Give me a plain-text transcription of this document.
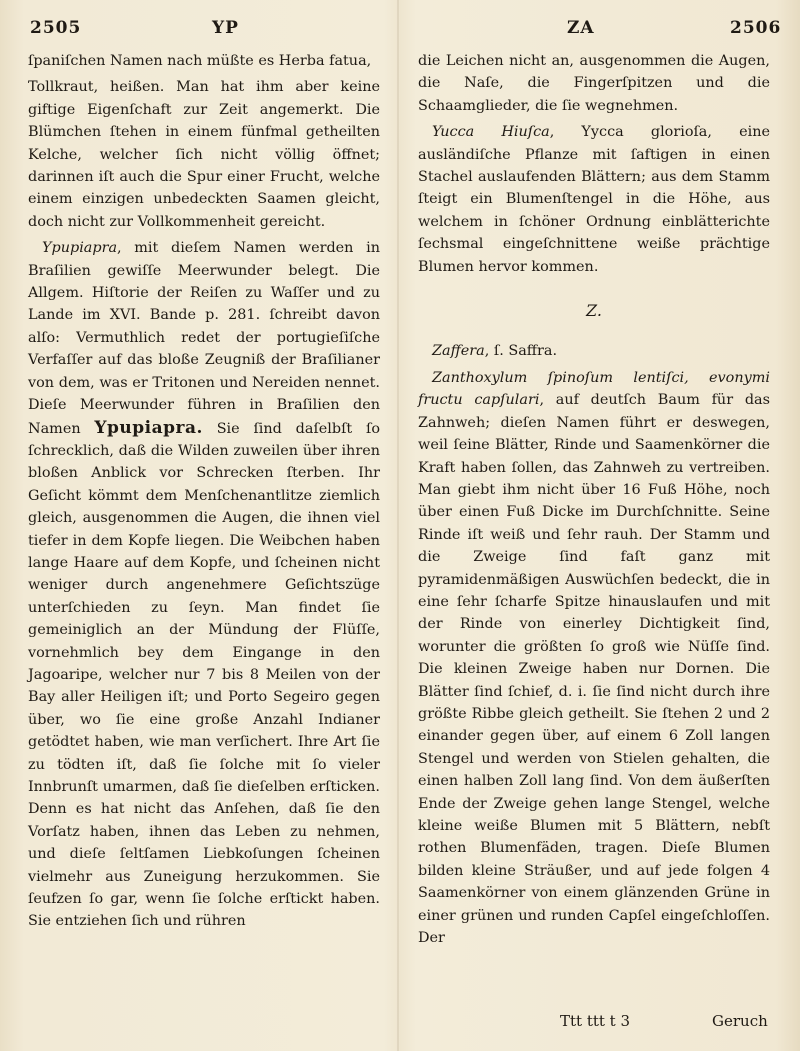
2505	YP	ZA	2506

ſpaniſchen Namen nach müßte es Herba fatua,

Tollkraut, heißen. Man hat ihm aber keine giftige Eigenſchaft zur Zeit angemerkt. Die Blümchen ſtehen in einem fünfmal getheilten Kelche, welcher ſich nicht völlig öffnet; darinnen iſt auch die Spur einer Frucht, welche einem einzigen unbedeckten Saamen gleicht, doch nicht zur Vollkommenheit gereicht.

Ypupiapra, mit dieſem Namen werden in Braſilien gewiſſe Meerwunder belegt. Die Allgem. Hiſtorie der Reiſen zu Waſſer und zu Lande im XVI. Bande p. 281. ſchreibt davon alſo: Vermuthlich redet der portugieſiſche Verfaſſer auf das bloße Zeugniß der Braſilianer von dem, was er Tritonen und Nereiden nennet. Dieſe Meerwunder führen in Braſilien den Namen Ypupiapra. Sie ſind daſelbſt ſo ſchrecklich, daß die Wilden zuweilen über ihren bloßen Anblick vor Schrecken ſterben. Ihr Geſicht kömmt dem Menſchenantlitze ziemlich gleich, ausgenommen die Augen, die ihnen viel tiefer in dem Kopfe liegen. Die Weibchen haben lange Haare auf dem Kopfe, und ſcheinen nicht weniger durch angenehmere Geſichtszüge unterſchieden zu ſeyn. Man findet ſie gemeiniglich an der Mündung der Flüſſe, vornehmlich bey dem Eingange in den Jagoaripe, welcher nur 7 bis 8 Meilen von der Bay aller Heiligen iſt; und Porto Segeiro gegen über, wo ſie eine große Anzahl Indianer getödtet haben, wie man verſichert. Ihre Art ſie zu tödten iſt, daß ſie ſolche mit ſo vieler Innbrunſt umarmen, daß ſie dieſelben erſticken. Denn es hat nicht das Anſehen, daß ſie den Vorſatz haben, ihnen das Leben zu nehmen, und dieſe ſeltſamen Liebkoſungen ſcheinen vielmehr aus Zuneigung herzukommen. Sie ſeufzen ſo gar, wenn ſie ſolche erſtickt haben. Sie entziehen ſich und rühren

die Leichen nicht an, ausgenommen die Augen, die Naſe, die Fingerſpitzen und die Schaamglieder, die ſie wegnehmen.

Yucca Hiuſca, Yycca glorioſa, eine ausländiſche Pflanze mit ſaftigen in einen Stachel auslaufenden Blättern; aus dem Stamm ſteigt ein Blumenſtengel in die Höhe, aus welchem in ſchöner Ordnung einblätterichte ſechsmal eingeſchnittene weiße prächtige Blumen hervor kommen.

Z.

Zaffera, ſ. Saffra.

Zanthoxylum ſpinoſum lentiſci, evonymi fructu capſulari, auf deutſch Baum für das Zahnweh; dieſen Namen führt er deswegen, weil ſeine Blätter, Rinde und Saamenkörner die Kraft haben ſollen, das Zahnweh zu vertreiben. Man giebt ihm nicht über 16 Fuß Höhe, noch über einen Fuß Dicke im Durchſchnitte. Seine Rinde iſt weiß und ſehr rauh. Der Stamm und die Zweige ſind faſt ganz mit pyramidenmäßigen Auswüchſen bedeckt, die in eine ſehr ſcharfe Spitze hinauslaufen und mit der Rinde von einerley Dichtigkeit ſind, worunter die größten ſo groß wie Nüſſe ſind. Die kleinen Zweige haben nur Dornen. Die Blätter ſind ſchief, d. i. ſie ſind nicht durch ihre größte Ribbe gleich getheilt. Sie ſtehen 2 und 2 einander gegen über, auf einem 6 Zoll langen Stengel und werden von Stielen gehalten, die einen halben Zoll lang ſind. Von dem äußerſten Ende der Zweige gehen lange Stengel, welche kleine weiße Blumen mit 5 Blättern, nebſt rothen Blumenfäden, tragen. Dieſe Blumen bilden kleine Sträußer, und auf jede folgen 4 Saamenkörner von einem glänzenden Grüne in einer grünen und runden Capſel eingeſchloſſen. Der

Ttt ttt t 3	Geruch
